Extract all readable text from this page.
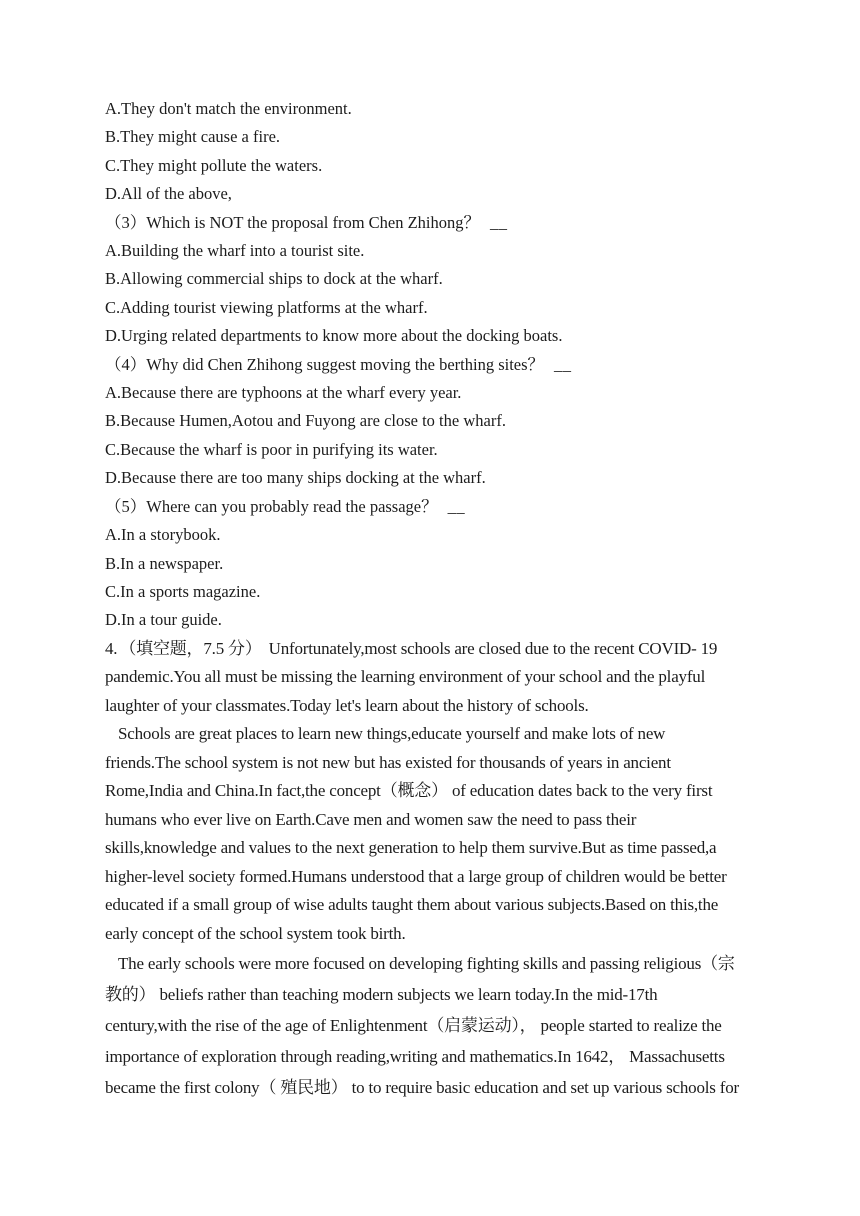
A.They don't match the environment.
B.They might cause a fire.
C.They might pollute the waters.
D.All of the above,
（3）Which is NOT the proposal from Chen Zhihong？ __
A.Building the wharf into a tourist site.
B.Allowing commercial ships to dock at the wharf.
C.Adding tourist viewing platforms at the wharf.
D.Urging related departments to know more about the docking boats.
（4）Why did Chen Zhihong suggest moving the berthing sites？ __
A.Because there are typhoons at the wharf every year.
B.Because Humen,Aotou and Fuyong are close to the wharf.
C.Because the wharf is poor in purifying its water.
D.Because there are too many ships docking at the wharf.
（5）Where can you probably read the passage？ __
A.In a storybook.
B.In a newspaper.
C.In a sports magazine.
D.In a tour guide.

4. （填空题，7.5 分） Unfortunately,most schools are closed due to the recent COVID- 19
pandemic.You all must be missing the learning environment of your school and the playful
laughter of your classmates.Today let's learn about the history of schools.

Schools are great places to learn new things,educate yourself and make lots of new
friends.The school system is not new but has existed for thousands of years in ancient
Rome,India and China.In fact,the concept（概念） of education dates back to the very first
humans who ever live on Earth.Cave men and women saw the need to pass their
skills,knowledge and values to the next generation to help them survive.But as time passed,a
higher-level society formed.Humans understood that a large group of children would be better
educated if a small group of wise adults taught them about various subjects.Based on this,the
early concept of the school system took birth.

The early schools were more focused on developing fighting skills and passing religious（宗
教的） beliefs rather than teaching modern subjects we learn today.In the mid-17th
century,with the rise of the age of Enlightenment（启蒙运动）， people started to realize the
importance of exploration through reading,writing and mathematics.In 1642， Massachusetts
became the first colony（ 殖民地） to to require basic education and set up various schools for
